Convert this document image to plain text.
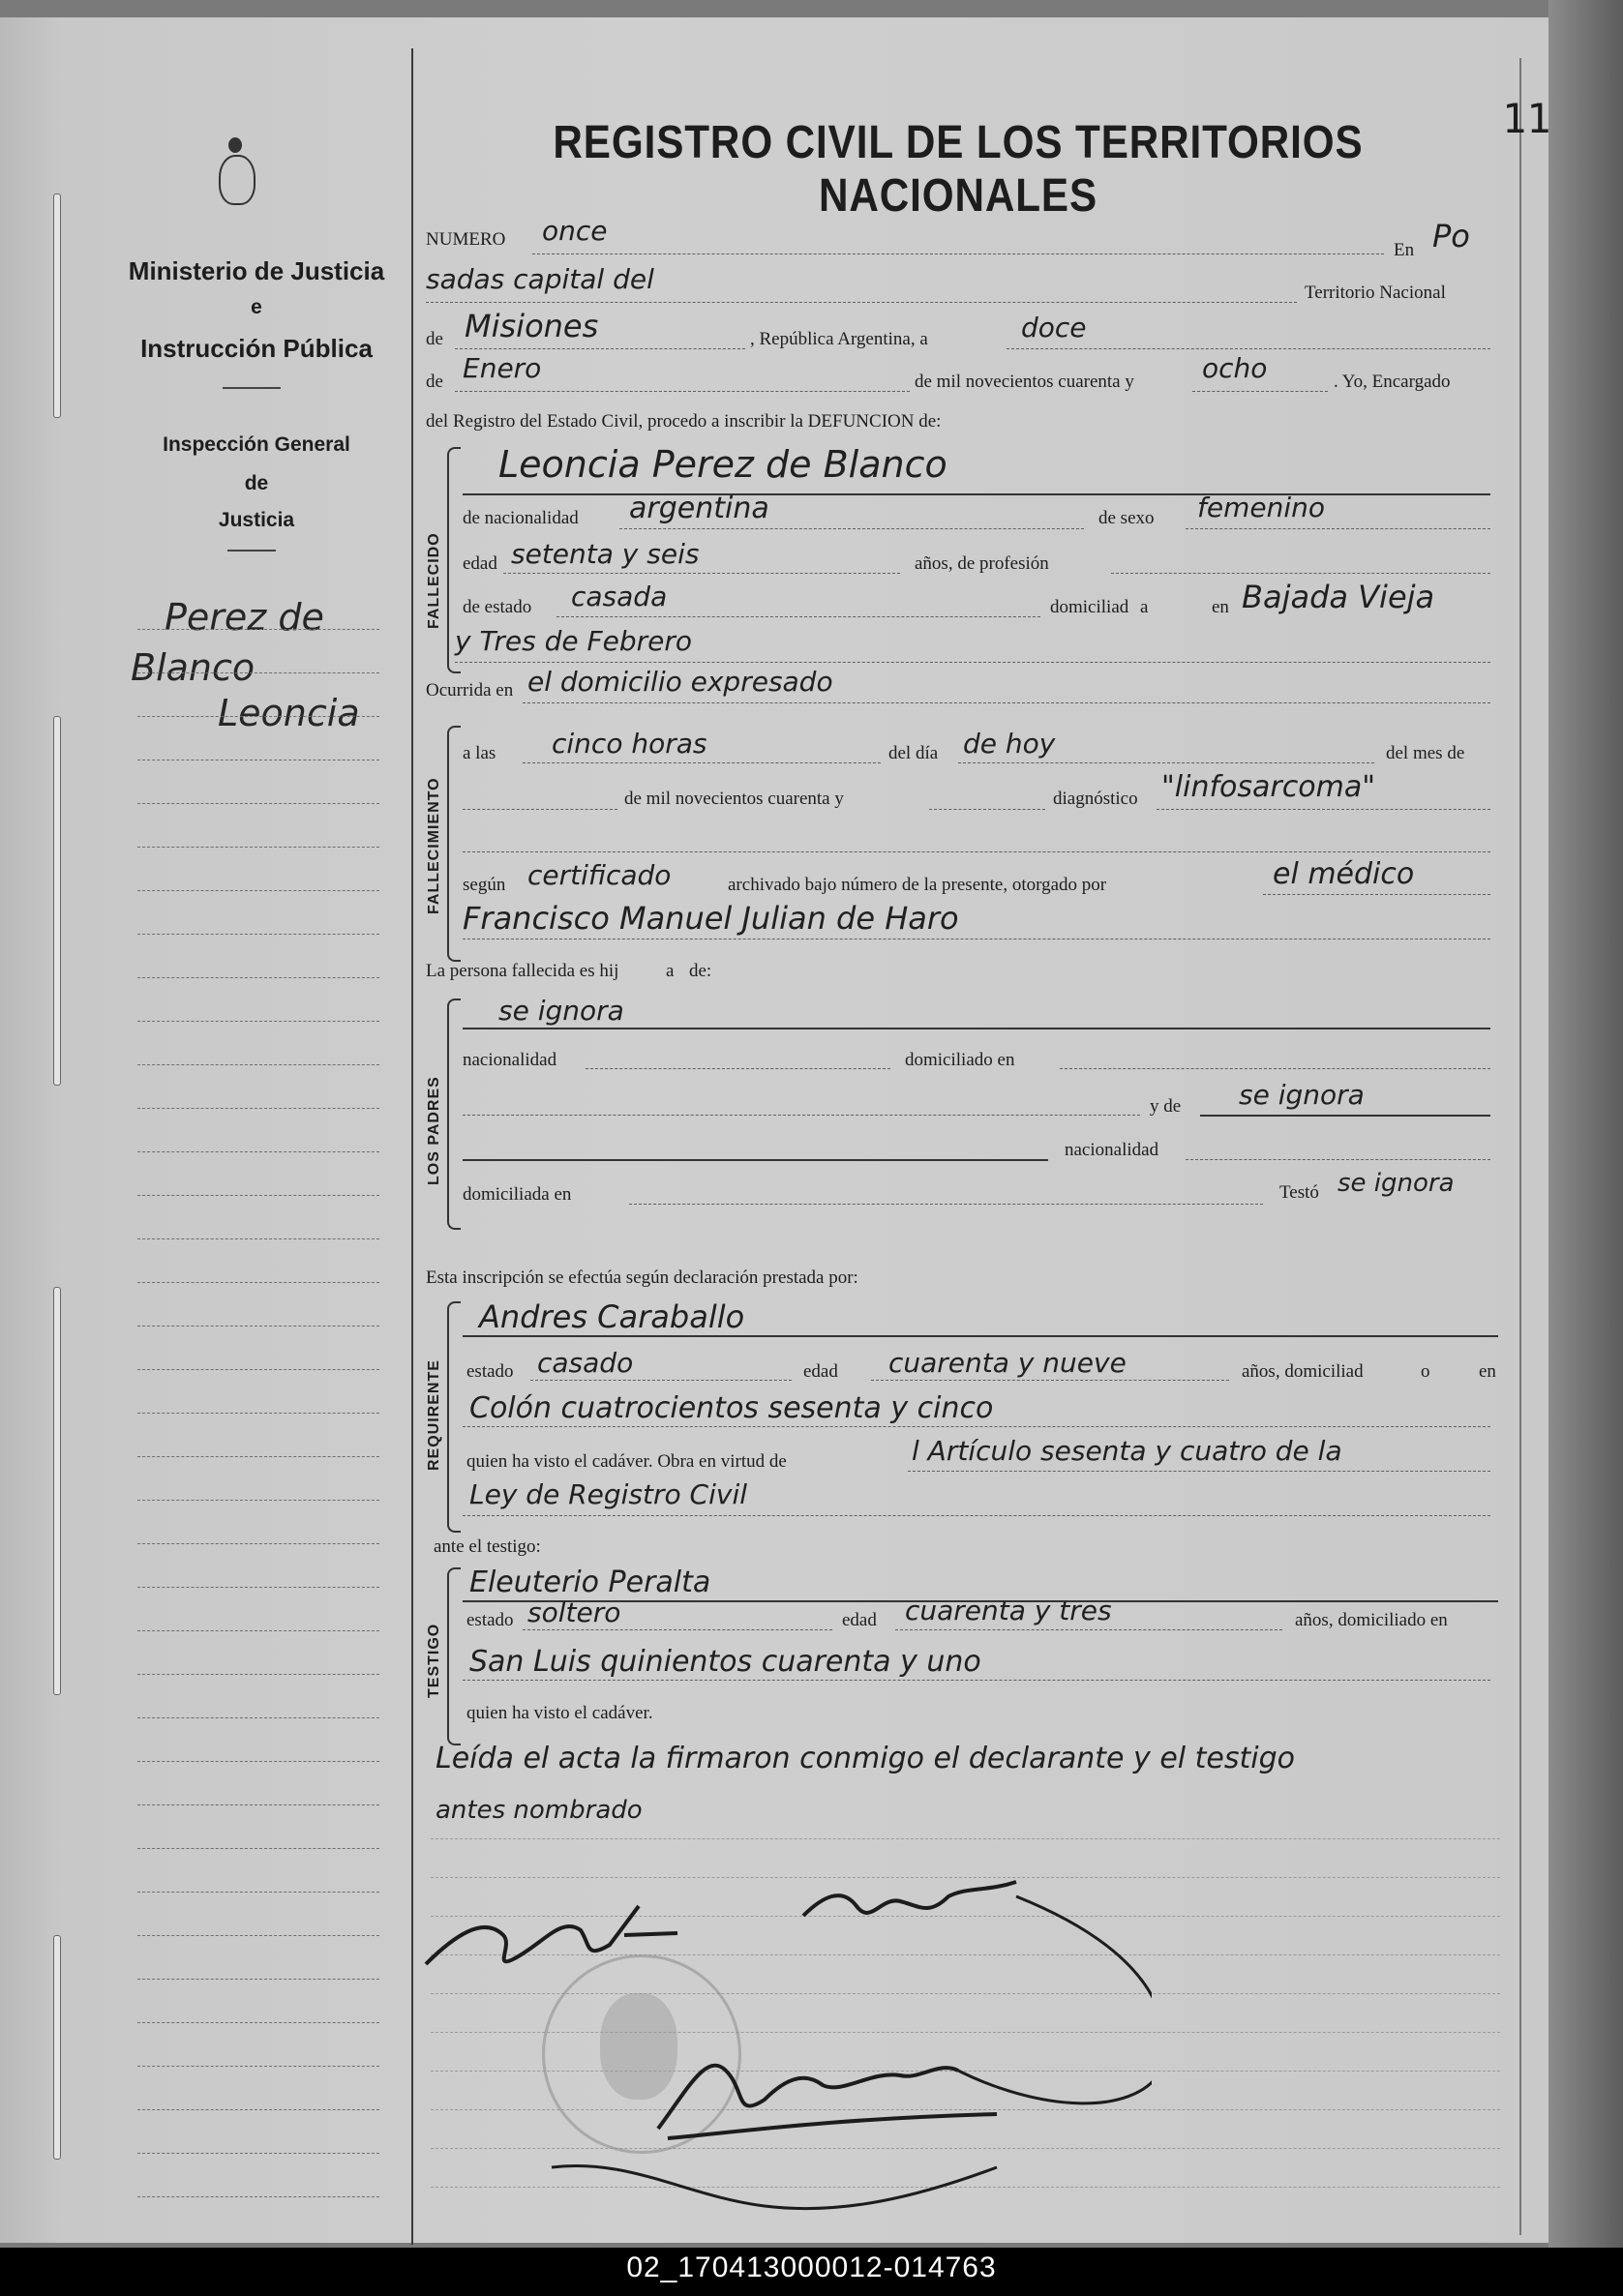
Ministerio de Justicia
e
Instrucción Pública
Inspección General
de
Justicia
Perez de
Blanco
Leoncia
11
REGISTRO CIVIL DE LOS TERRITORIOS NACIONALES
NUMERO once
En Po
sadas capital del	Territorio Nacional
de Misiones	, República Argentina, a	doce
de Enero	de mil novecientos cuarenta y	ocho	. Yo, Encargado
del Registro del Estado Civil, procedo a inscribir la DEFUNCION de:
FALLECIDO
Leoncia Perez de Blanco
de nacionalidad argentina	de sexo femenino
edad setenta y seis	años, de profesión
de estado casada	domiciliad a	en Bajada Vieja
y Tres de Febrero
Ocurrida en el domicilio expresado
FALLECIMIENTO
a las cinco horas	del día de hoy	del mes de
de mil novecientos cuarenta y	diagnóstico "linfosarcoma"
según certificado	archivado bajo número de la presente, otorgado por	el médico
Francisco Manuel Julian de Haro
La persona fallecida es hij	a de:
LOS PADRES
se ignora
nacionalidad	domiciliado en
y de se ignora
nacionalidad
domiciliada en	Testó se ignora
Esta inscripción se efectúa según declaración prestada por:
REQUIRENTE
Andres Caraballo
estado casado	edad cuarenta y nueve	años, domiciliad	o	en
Colón cuatrocientos sesenta y cinco
quien ha visto el cadáver. Obra en virtud de	l Artículo sesenta y cuatro de la
Ley de Registro Civil
ante el testigo:
TESTIGO
Eleuterio Peralta
estado soltero	edad cuarenta y tres	años, domiciliado en
San Luis quinientos cuarenta y uno
quien ha visto el cadáver.
Leída el acta la firmaron conmigo el declarante y el testigo
antes nombrado
02_170413000012-014763
